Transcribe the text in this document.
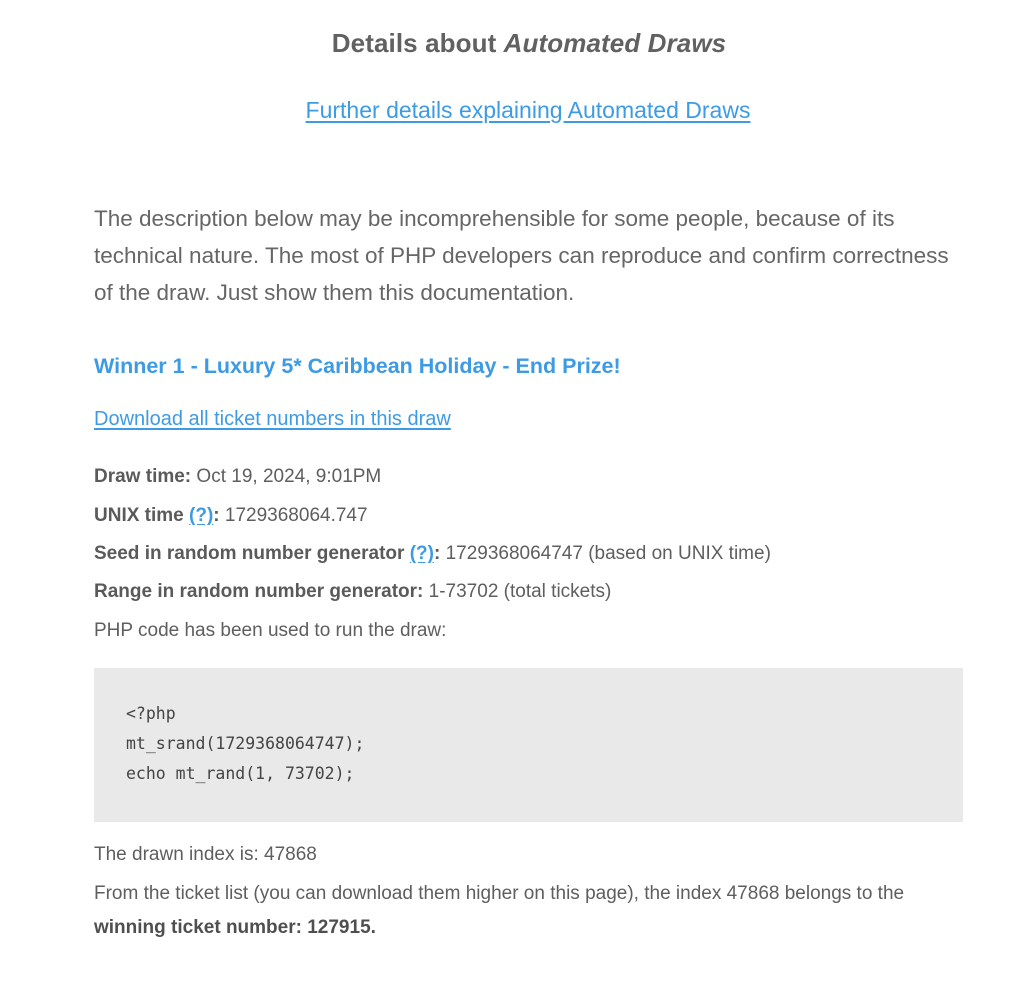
Details about Automated Draws
Further details explaining Automated Draws
The description below may be incomprehensible for some people, because of its technical nature. The most of PHP developers can reproduce and confirm correctness of the draw. Just show them this documentation.
Winner 1 - Luxury 5* Caribbean Holiday - End Prize!
Download all ticket numbers in this draw
Draw time: Oct 19, 2024, 9:01PM
UNIX time (?): 1729368064.747
Seed in random number generator (?): 1729368064747 (based on UNIX time)
Range in random number generator: 1-73702 (total tickets)
PHP code has been used to run the draw:
<?php
mt_srand(1729368064747);
echo mt_rand(1, 73702);
The drawn index is: 47868
From the ticket list (you can download them higher on this page), the index 47868 belongs to the winning ticket number: 127915.
